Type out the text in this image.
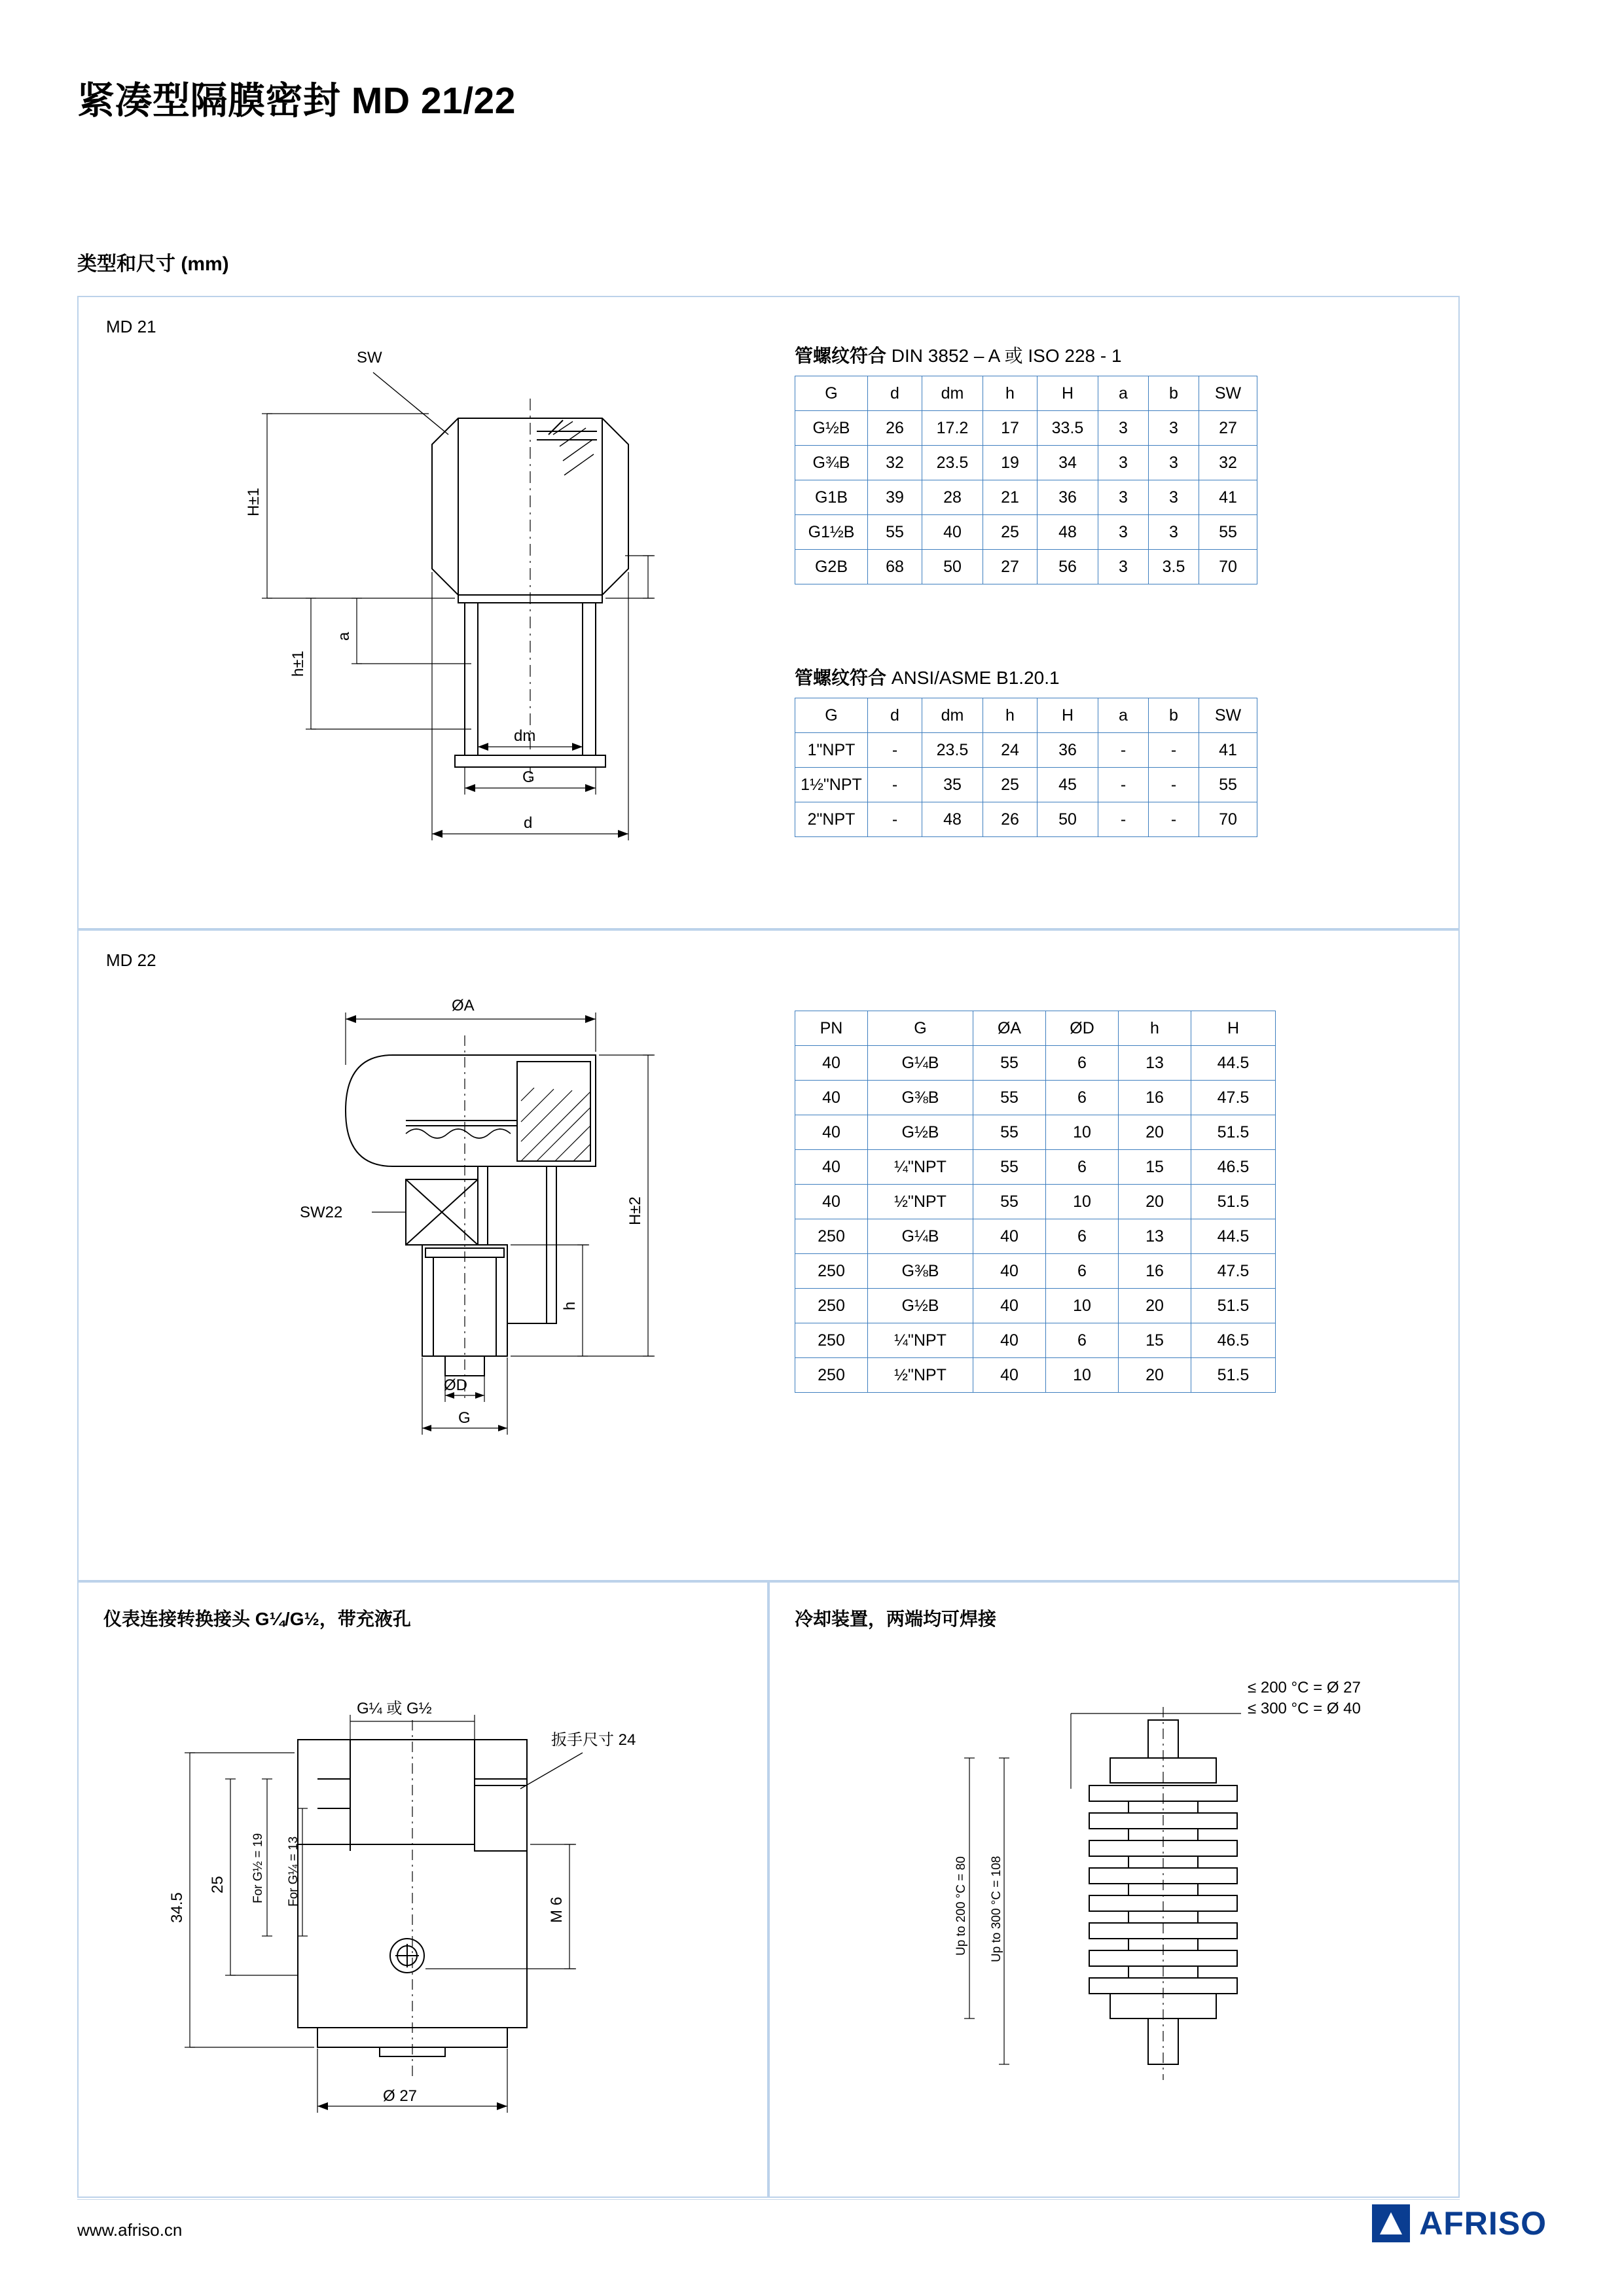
紧凑型隔膜密封 MD 21/22
类型和尺寸 (mm)
MD 21
SW
H±1
h±1
a
dm
G
d
管螺纹符合 DIN 3852 – A 或 ISO 228 - 1
G	d	dm	h	H	a	b	SW
G½B	26	17.2	17	33.5	3	3	27
G¾B	32	23.5	19	34	3	3	32
G1B	39	28	21	36	3	3	41
G1½B	55	40	25	48	3	3	55
G2B	68	50	27	56	3	3.5	70
管螺纹符合 ANSI/ASME B1.20.1
G	d	dm	h	H	a	b	SW
1"NPT	-	23.5	24	36	-	-	41
1½"NPT	-	35	25	45	-	-	55
2"NPT	-	48	26	50	-	-	70
MD 22
ØA
SW22	H±2
h
ØD
G
PN	G	ØA	ØD	h	H
40	G¼B	55	6	13	44.5
40	G⅜B	55	6	16	47.5
40	G½B	55	10	20	51.5
40	¼"NPT	55	6	15	46.5
40	½"NPT	55	10	20	51.5
250	G¼B	40	6	13	44.5
250	G⅜B	40	6	16	47.5
250	G½B	40	10	20	51.5
250	¼"NPT	40	6	15	46.5
250	½"NPT	40	10	20	51.5
仪表连接转换接头 G¼/G½，带充液孔
G¼ 或 G½
扳手尺寸 24
M 6
34.5
25 For G½ = 19 For G¼ = 13
Ø 27
冷却装置，两端均可焊接
≤ 200 °C = Ø 27
≤ 300 °C = Ø 40
Up to 200 °C = 80 Up to 300 °C = 108
www.afriso.cn	AFRISO
